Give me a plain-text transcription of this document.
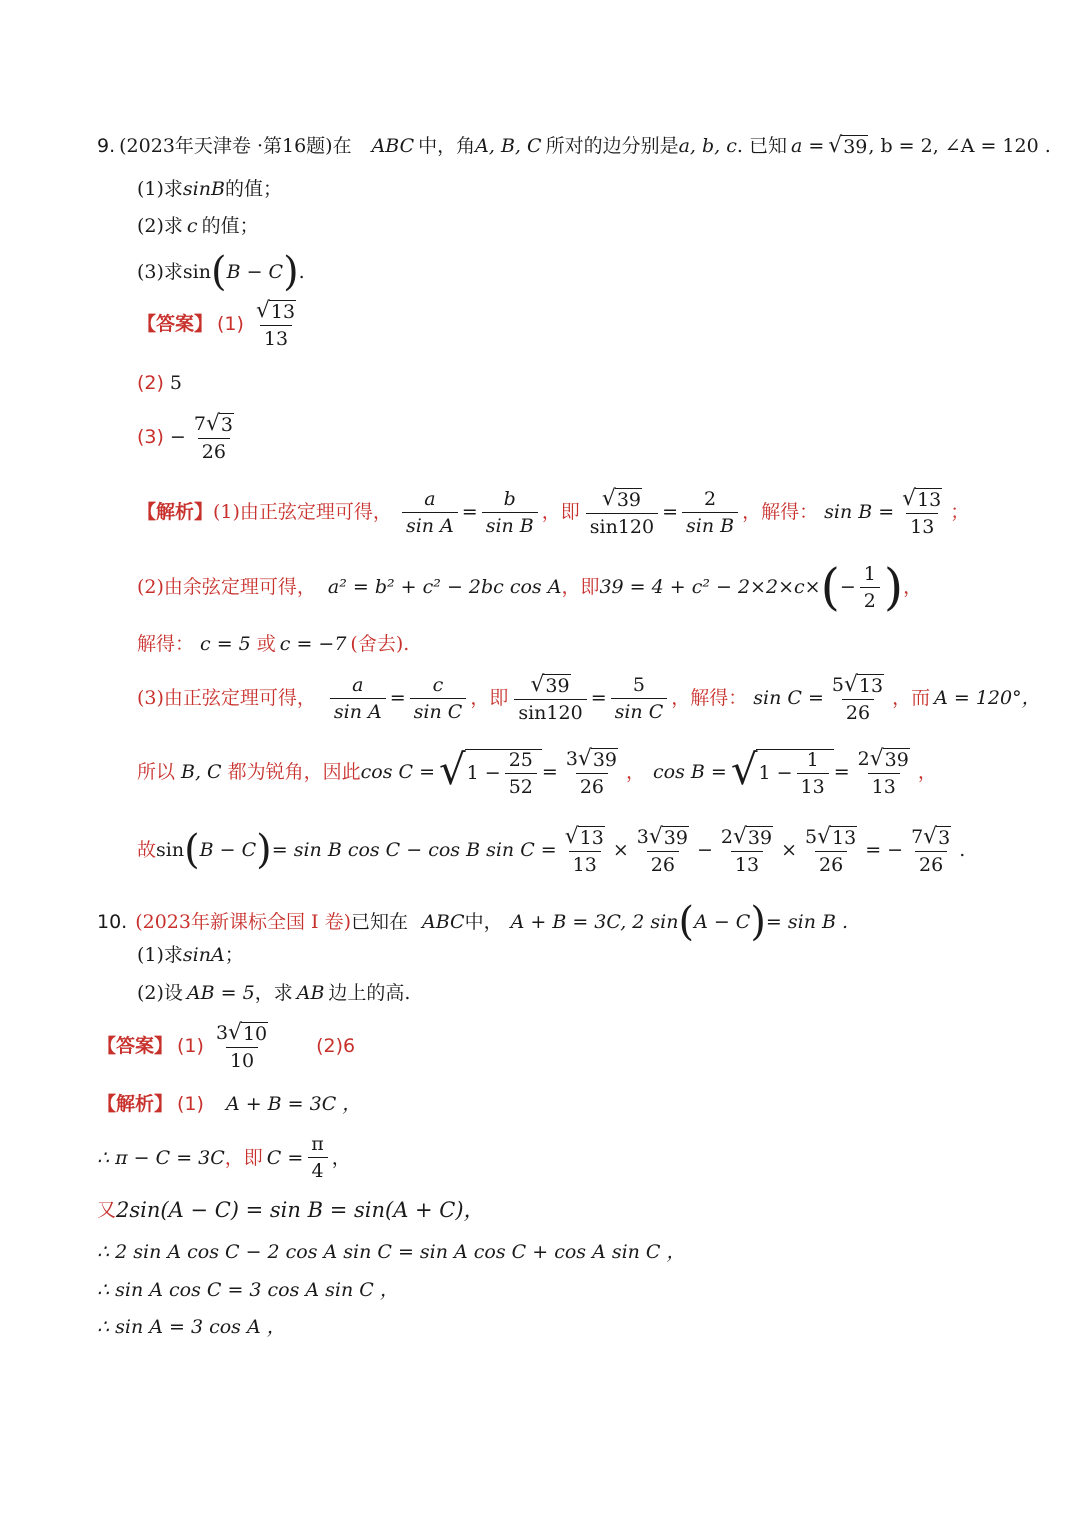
9. (2023年天津卷 ·第16题)在 ABC 中，角 A, B, C 所对的边分别是 a, b, c . 已知 a = √ 39 , b = 2, ∠A = 120 .
(1)求 sinB 的值；
(2)求 c 的值；
(3)求 sin ( B − C ) .
【答案】 $(1) \frac{√ 13}{13}$
(2) 5
$(3) - \frac{7 √ 3}{26}$
【解析】 (1)由正弦定理可得， $\frac{a}{\text{sin A}} = \frac{b}{\text{sin B}}$ ，即 $\frac{√ 39}{\sin 120} = \frac{2}{\text{sin B}}$ ，解得： $\sin B = \frac{√ 13}{13}$ ；
(2)由余弦定理可得， a² = b² + c² − 2bc cos A ，即 39 = 4 + c² − 2×2×c× ( − $\frac{1}{2}$ ) ，
解得： c = 5 或 c = −7 (舍去).
(3)由正弦定理可得， $\frac{a}{\text{sin A}} = \frac{c}{\text{sin C}}$ ，即 $\frac{√ 39}{\sin 120} = \frac{5}{\text{sin C}}$ ，解得： $\sin C = \frac{5 √ 13}{26}$ ，而 A = 120°，
所以 B, C 都为锐角，因此 cos C = √ $1 - \frac{25}{52} = \frac{3 √ 39}{26}$ ， cos B = √ $1 - \frac{1}{13} = \frac{2 √ 39}{13}$ ，
故 sin ( B − C ) = sin B cos C − cos B $\sin C = \frac{√ 13}{13} \times \frac{3 √ 39}{26} - \frac{2 √ 39}{13} \times \frac{5 √ 13}{26}$ = − $\frac{7 √ 3}{26}$ .
10. (2023年新课标全国 Ⅰ 卷) 已知在 ABC 中， A + B = 3C, 2 sin ( A − C ) = sin B .
(1)求 sinA ；
(2)设 AB = 5 ，求 AB 边上的高.
【答案】 $(1) \frac{3 √ 10}{10} (2)6$
【解析】 (1) A + B = 3C ，
∴ π − C = 3C ，即 $C = \frac{\pi}{4}$ ，
又 2sin(A − C) = sin B = sin(A + C)，
∴ 2 sin A cos C − 2 cos A sin C = sin A cos C + cos A sin C ，
∴ sin A cos C = 3 cos A sin C ，
∴ sin A = 3 cos A ，
